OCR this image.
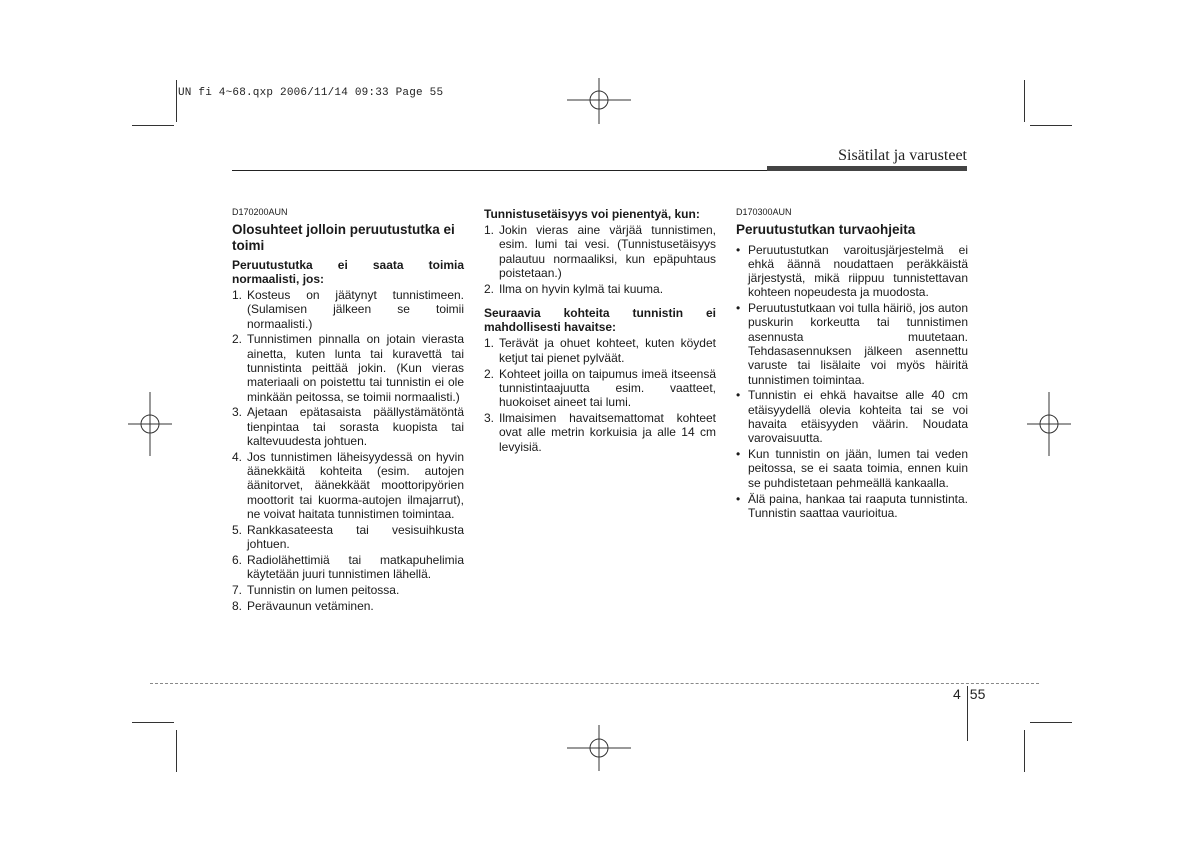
UN fi 4~68.qxp 2006/11/14 09:33 Page 55
Sisätilat ja varusteet
D170200AUN
Olosuhteet jolloin peruutustutka ei toimi
Peruutustutka ei saata toimia normaalisti, jos:
1. Kosteus on jäätynyt tunnistimeen. (Sulamisen jälkeen se toimii normaalisti.)
2. Tunnistimen pinnalla on jotain vierasta ainetta, kuten lunta tai kuravettä tai tunnistinta peittää jokin. (Kun vieras materiaali on poistettu tai tunnistin ei ole minkään peitossa, se toimii normaalisti.)
3. Ajetaan epätasaista päällystämätöntä tienpintaa tai sorasta kuopista tai kaltevuudesta johtuen.
4. Jos tunnistimen läheisyydessä on hyvin äänekkäitä kohteita (esim. autojen äänitorvet, äänekkäät moottoripyörien moottorit tai kuorma-autojen ilmajarrut), ne voivat haitata tunnistimen toimintaa.
5. Rankkasateesta tai vesisuihkusta johtuen.
6. Radiolähettimiä tai matkapuhelimia käytetään juuri tunnistimen lähellä.
7. Tunnistin on lumen peitossa.
8. Perävaunun vetäminen.
Tunnistusetäisyys voi pienentyä, kun:
1. Jokin vieras aine värjää tunnistimen, esim. lumi tai vesi. (Tunnistusetäisyys palautuu normaaliksi, kun epäpuhtaus poistetaan.)
2. Ilma on hyvin kylmä tai kuuma.
Seuraavia kohteita tunnistin ei mahdollisesti havaitse:
1. Terävät ja ohuet kohteet, kuten köydet ketjut tai pienet pylväät.
2. Kohteet joilla on taipumus imeä itseensä tunnistintaajuutta esim. vaatteet, huokoiset aineet tai lumi.
3. Ilmaisimen havaitsemattomat kohteet ovat alle metrin korkuisia ja alle 14 cm levyisiä.
D170300AUN
Peruutustutkan turvaohjeita
• Peruutustutkan varoitusjärjestelmä ei ehkä äännä noudattaen peräkkäistä järjestystä, mikä riippuu tunnistettavan kohteen nopeudesta ja muodosta.
• Peruutustutkaan voi tulla häiriö, jos auton puskurin korkeutta tai tunnistimen asennusta muutetaan. Tehdasasennuksen jälkeen asennettu varuste tai lisälaite voi myös häiritä tunnistimen toimintaa.
• Tunnistin ei ehkä havaitse alle 40 cm etäisyydellä olevia kohteita tai se voi havaita etäisyyden väärin. Noudata varovaisuutta.
• Kun tunnistin on jään, lumen tai veden peitossa, se ei saata toimia, ennen kuin se puhdistetaan pehmeällä kankaalla.
• Älä paina, hankaa tai raaputa tunnistinta. Tunnistin saattaa vaurioitua.
4 55
